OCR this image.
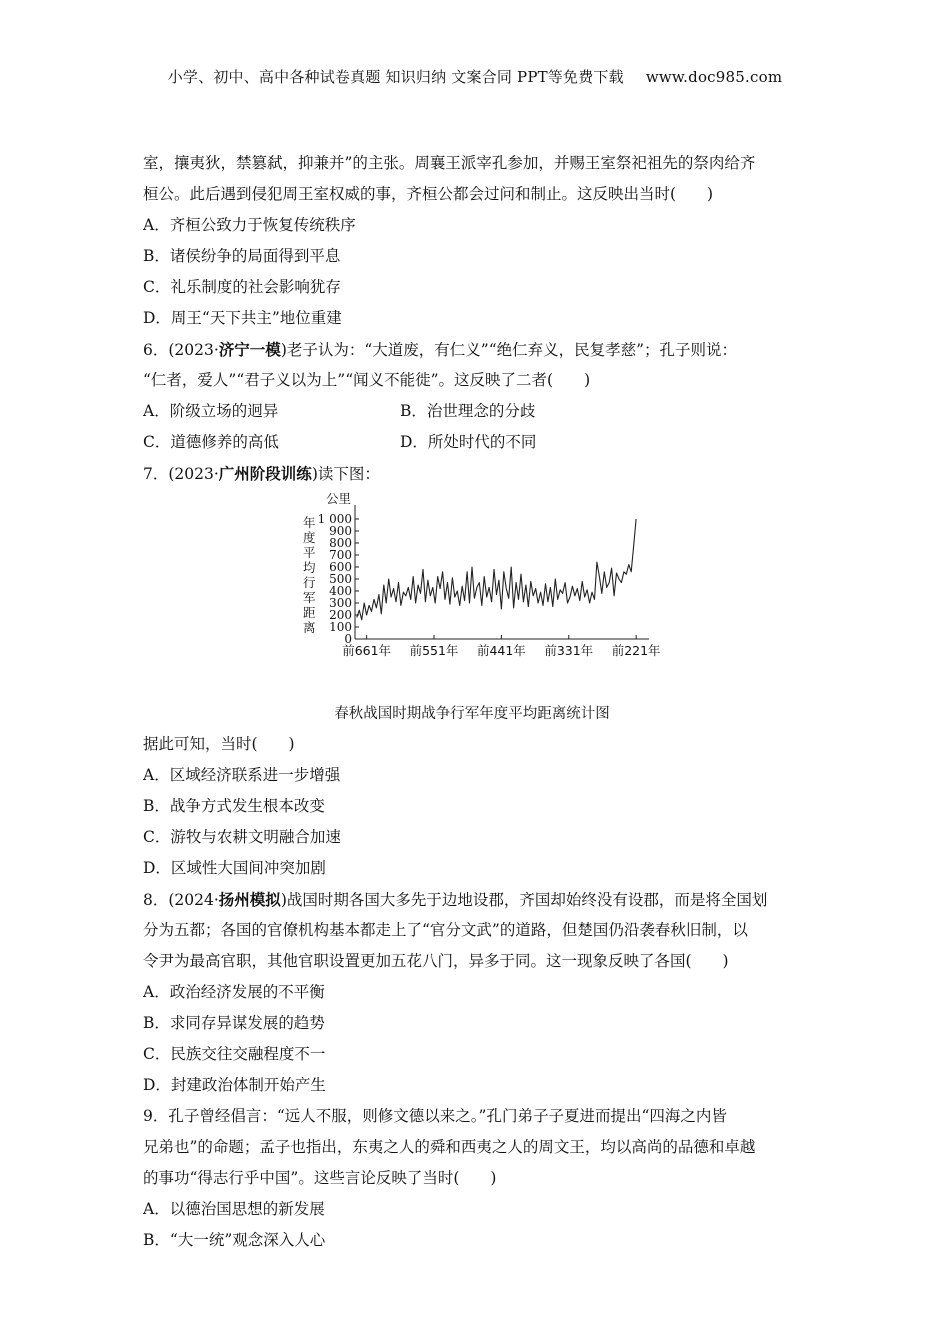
小学、初中、高中各种试卷真题 知识归纳 文案合同 PPT等免费下载 www.doc985.com
室，攘夷狄，禁篡弑，抑兼并”的主张。周襄王派宰孔参加，并赐王室祭祀祖先的祭肉给齐
桓公。此后遇到侵犯周王室权威的事，齐桓公都会过问和制止。这反映出当时(　　)
A．齐桓公致力于恢复传统秩序
B．诸侯纷争的局面得到平息
C．礼乐制度的社会影响犹存
D．周王“天下共主”地位重建
6．(2023·济宁一模)老子认为：“大道废，有仁义”“绝仁弃义，民复孝慈”；孔子则说：
“仁者，爱人”“君子义以为上”“闻义不能徙”。这反映了二者(　　)
A．阶级立场的迥异	B．治世理念的分歧
C．道德修养的高低	D．所处时代的不同
7．(2023·广州阶段训练)读下图：
0
100
200
300
400
500
600
700
800
900
1 000
公里
年度平均行军距离
前661年 前551年 前441年 前331年 前221年
春秋战国时期战争行军年度平均距离统计图
据此可知，当时(　　)
A．区域经济联系进一步增强
B．战争方式发生根本改变
C．游牧与农耕文明融合加速
D．区域性大国间冲突加剧
8．(2024·扬州模拟)战国时期各国大多先于边地设郡，齐国却始终没有设郡，而是将全国划
分为五都；各国的官僚机构基本都走上了“官分文武”的道路，但楚国仍沿袭春秋旧制，以
令尹为最高官职，其他官职设置更加五花八门，异多于同。这一现象反映了各国(　　)
A．政治经济发展的不平衡
B．求同存异谋发展的趋势
C．民族交往交融程度不一
D．封建政治体制开始产生
9．孔子曾经倡言：“远人不服，则修文德以来之。”孔门弟子子夏进而提出“四海之内皆
兄弟也”的命题；孟子也指出，东夷之人的舜和西夷之人的周文王，均以高尚的品德和卓越
的事功“得志行乎中国”。这些言论反映了当时(　　)
A．以德治国思想的新发展
B．“大一统”观念深入人心
